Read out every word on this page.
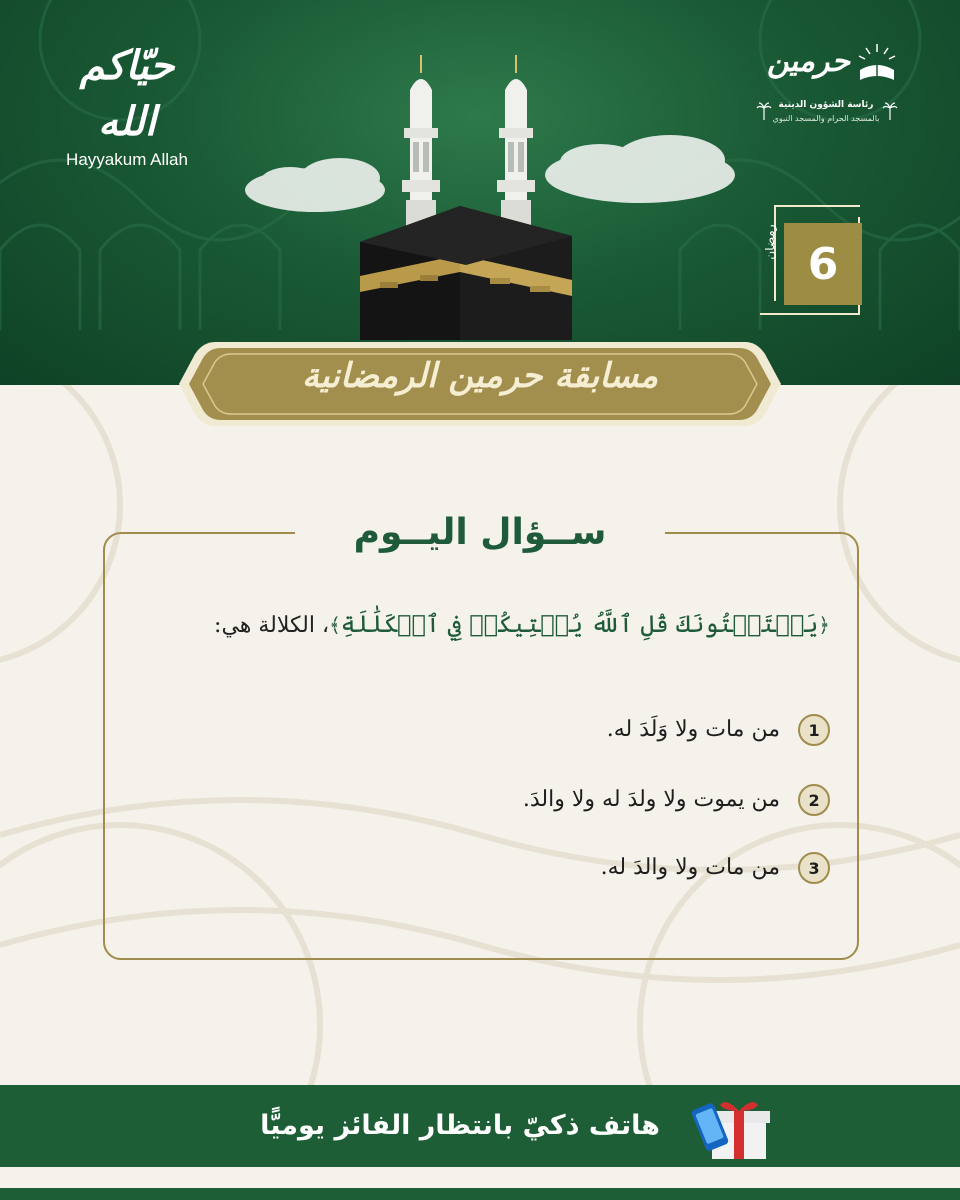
حيّاكم الله
Hayyakum Allah
حرمين
رئاسة الشؤون الدينية
بالمسجد الحرام والمسجد النبوي
6
رمضان
مسابقة حرمين الرمضانية
ســؤال اليــوم
﴿يَسۡتَفۡتُونَكَ قُلِ ٱللَّهُ يُفۡتِيكُمۡ فِي ٱلۡكَلَٰلَةِ﴾، الكلالة هي:
1
من مات ولا وَلَدَ له.
2
من يموت ولا ولدَ له ولا والدَ.
3
من مات ولا والدَ له.
هاتف ذكيّ بانتظار الفائز يوميًّا
